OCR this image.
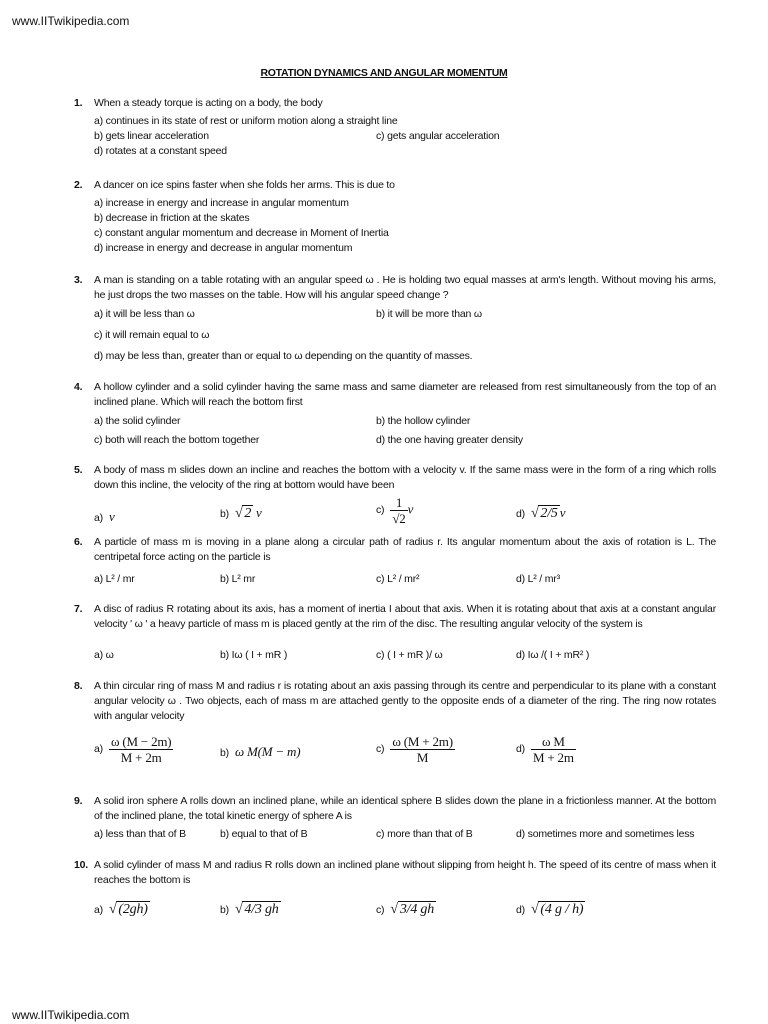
www.IITwikipedia.com
ROTATION DYNAMICS AND ANGULAR MOMENTUM
1. When a steady torque is acting on a body, the body
a) continues in its state of rest or uniform motion along a straight line
b) gets linear acceleration	c) gets angular acceleration
d) rotates at a constant speed
2. A dancer on ice spins faster when she folds her arms. This is due to
a) increase in energy and increase in angular momentum
b) decrease in friction at the skates
c) constant angular momentum and decrease in Moment of Inertia
d) increase in energy and decrease in angular momentum
3. A man is standing on a table rotating with an angular speed ω . He is holding two equal masses at arm's length. Without moving his arms, he just drops the two masses on the table. How will his angular speed change ?
a) it will be less than ω	b) it will be more than ω
c) it will remain equal to ω
d) may be less than, greater than or equal to ω depending on the quantity of masses.
4. A hollow cylinder and a solid cylinder having the same mass and same diameter are released from rest simultaneously from the top of an inclined plane. Which will reach the bottom first
a) the solid cylinder	b) the hollow cylinder
c) both will reach the bottom together	d) the one having greater density
5. A body of mass m slides down an incline and reaches the bottom with a velocity v. If the same mass were in the form of a ring which rolls down this incline, the velocity of the ring at bottom would have been
a) v	b) √ 2 v	$c) \frac{1}{√2}$ v	d) √ 2/5 v
6. A particle of mass m is moving in a plane along a circular path of radius r. Its angular momentum about the axis of rotation is L. The centripetal force acting on the particle is
a) L² / mr	b) L² mr	c) L² / mr²	d) L² / mr³
7. A disc of radius R rotating about its axis, has a moment of inertia I about that axis. When it is rotating about that axis at a constant angular velocity ' ω ' a heavy particle of mass m is placed gently at the rim of the disc. The resulting angular velocity of the system is
a) ω	b) Iω ( I + mR )	c) ( I + mR )/ ω	d) Iω /( I + mR² )
8. A thin circular ring of mass M and radius r is rotating about an axis passing through its centre and perpendicular to its plane with a constant angular velocity ω . Two objects, each of mass m are attached gently to the opposite ends of a diameter of the ring. The ring now rotates with angular velocity
$a) \frac{\omega (M - 2m)}{M + 2m}$	b) ω M(M − m)	$c) \frac{\omega (M + 2m)}{M}$	$d) \frac{\text{ω M}}{M + 2m}$
9. A solid iron sphere A rolls down an inclined plane, while an identical sphere B slides down the plane in a frictionless manner. At the bottom of the inclined plane, the total kinetic energy of sphere A is
a) less than that of B	b) equal to that of B	c) more than that of B	d) sometimes more and sometimes less
10. A solid cylinder of mass M and radius R rolls down an inclined plane without slipping from height h. The speed of its centre of mass when it reaches the bottom is
a) √ (2gh)	b) √ 4/3 gh	c) √ 3/4 gh	d) √ (4 g / h)
www.IITwikipedia.com
